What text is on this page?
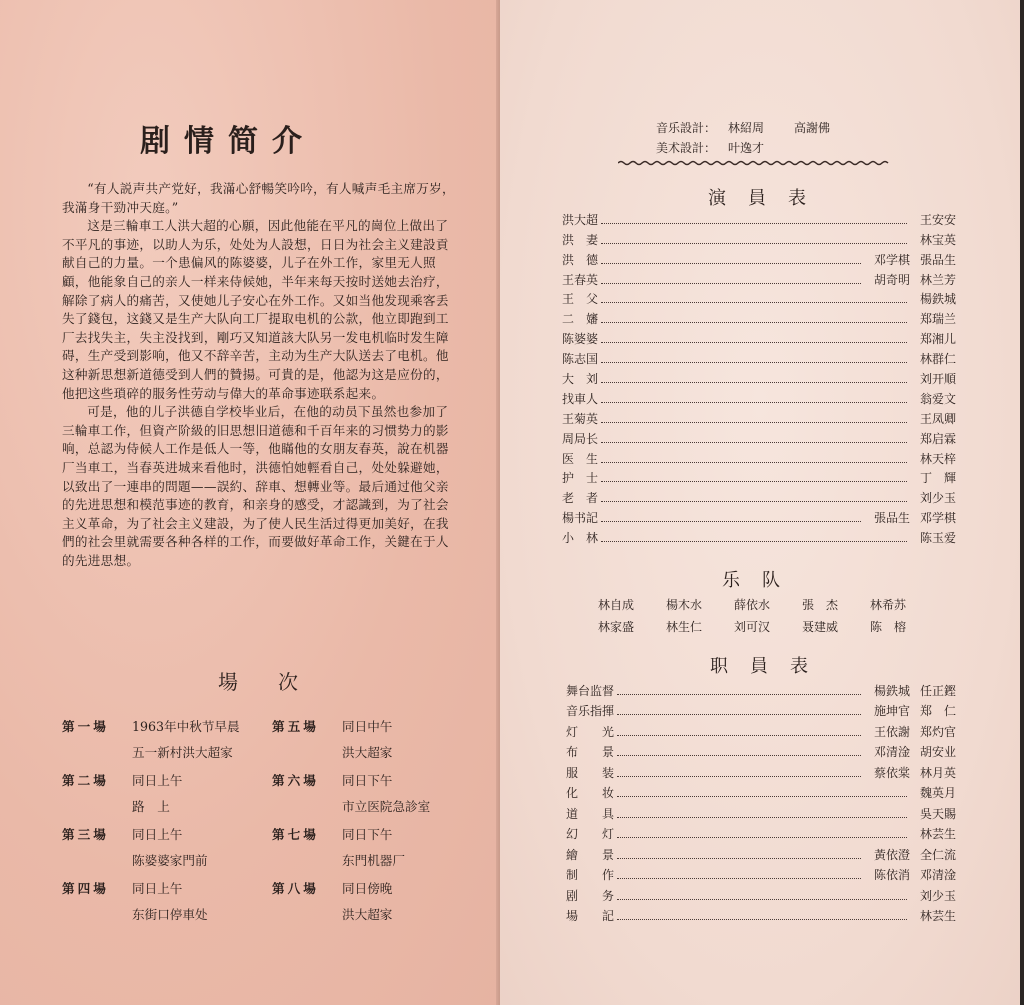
剧情简介

“有人説声共产党好，我滿心舒暢笑吟吟，有人喊声毛主席万岁，我滿身干勁冲天庭。”

这是三輪車工人洪大超的心願，因此他能在平凡的崗位上做出了不平凡的事迹，以助人为乐，处处为人設想，日日为社会主义建設貢献自己的力量。一个患偏风的陈婆婆，儿子在外工作，家里无人照顧，他能象自己的亲人一样来侍候她，半年来每天按时送她去治疗，解除了病人的痛苦，又使她儿子安心在外工作。又如当他发现乘客丢失了錢包，这錢又是生产大队向工厂提取电机的公款，他立即跑到工厂去找失主，失主没找到，剛巧又知道該大队另一发电机临时发生障碍，生产受到影响，他又不辞辛苦，主动为生产大队送去了电机。他这种新思想新道德受到人們的贊揚。可貴的是，他認为这是应份的，他把这些瑣碎的服务性劳动与偉大的革命事迹联系起来。

可是，他的儿子洪德自学校毕业后，在他的动员下虽然也参加了三輪車工作，但資产阶級的旧思想旧道德和千百年来的习惯势力的影响，总認为侍候人工作是低人一等，他瞞他的女朋友春英，說在机器厂当車工，当春英进城来看他时，洪德怕她輕看自己，处处躲避她，以致出了一連串的問題——誤約、辞車、想轉业等。最后通过他父亲的先进思想和模范事迹的教育，和亲身的感受，才認識到，为了社会主义革命，为了社会主义建設，为了使人民生活过得更加美好，在我們的社会里就需要各种各样的工作，而要做好革命工作，关鍵在于人的先进思想。

場次
第一場 1963年中秋节早晨
五一新村洪大超家
第二場 同日上午
路　上
第三場 同日上午
陈婆婆家門前
第四場 同日上午
东街口停車处
第五場 同日中午
洪大超家
第六場 同日下午
市立医院急診室
第七場 同日下午
东門机器厂
第八場 同日傍晚
洪大超家
音乐設計： 林紹周	高謝佛
美术設計： 叶逸才
演員表
洪大超	王安安
洪　妻	林宝英
洪　德	邓学棋 張品生
王春英	胡奇明 林兰芳
王　父	楊鉄城
二　嬸	郑瑞兰
陈婆婆	郑湘儿
陈志国	林群仁
大　刘	刘开順
找車人	翁爱文
王菊英	王凤卿
周局长	郑启霖
医　生	林天梓
护　士	丁　輝
老　者	刘少玉
楊书記	張品生 邓学棋
小　林	陈玉爱
乐队
林自成	楊木水	薛依水	張　杰	林希苏
林家盛	林生仁	刘可汉	聂建威	陈　榕
职員表
舞台监督	楊鉄城 任正鏗
音乐指揮	施坤官 郑　仁
灯　　光	王依謝 郑灼官
布　　景	邓清淦 胡安业
服　　装	蔡依棠 林月英
化　　妆	魏英月
道　　具	吳天賜
幻　　灯	林芸生
繪　　景	黃依澄 全仁流
制　　作	陈依消 邓清淦
剧　　务	刘少玉
場　　記	林芸生
